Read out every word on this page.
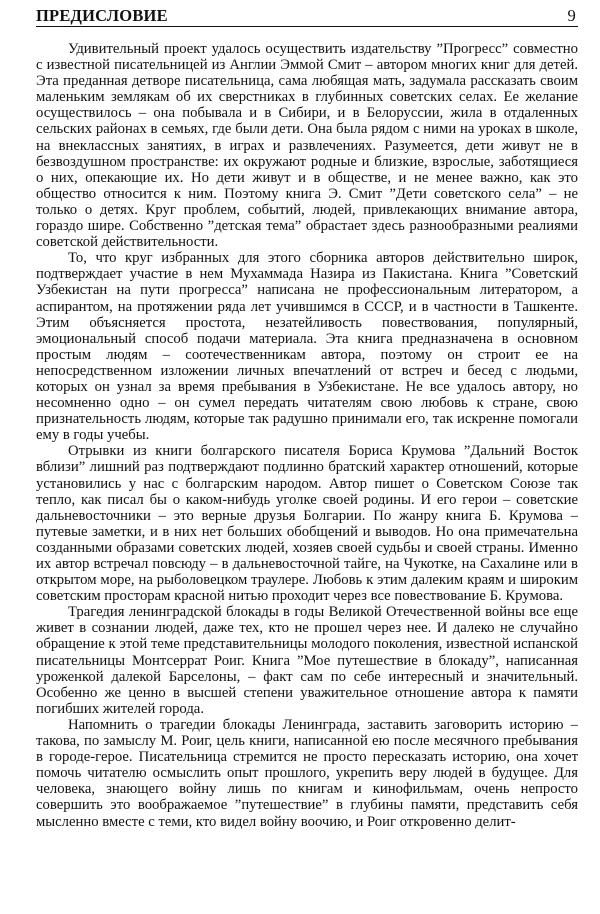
ПРЕДИСЛОВИЕ	9

Удивительный проект удалось осуществить издательству ”Прогресс” совместно с известной писательницей из Англии Эммой Смит – автором многих книг для детей. Эта преданная детворе писательница, сама любящая мать, задумала рассказать своим маленьким землякам об их сверстниках в глубинных советских селах. Ее желание осуществилось – она побывала и в Сибири, и в Белоруссии, жила в отдаленных сельских районах в семьях, где были дети. Она была рядом с ними на уроках в школе, на внеклассных занятиях, в играх и развлечениях. Разумеется, дети живут не в безвоздушном пространстве: их окружают родные и близкие, взрослые, заботящиеся о них, опекающие их. Но дети живут и в обществе, и не менее важно, как это общество относится к ним. Поэтому книга Э. Смит ”Дети советского села” – не только о детях. Круг проблем, событий, людей, привлекающих внимание автора, гораздо шире. Собственно ”детская тема” обрастает здесь разнообразными реалиями советской действительности.

То, что круг избранных для этого сборника авторов действительно широк, подтверждает участие в нем Мухаммада Назира из Пакистана. Книга ”Советский Узбекистан на пути прогресса” написана не профессиональным литератором, а аспирантом, на протяжении ряда лет учившимся в СССР, и в частности в Ташкенте. Этим объясняется простота, незатейливость повествования, популярный, эмоциональный способ подачи материала. Эта книга предназначена в основном простым людям – соотечественникам автора, поэтому он строит ее на непосредственном изложении личных впечатлений от встреч и бесед с людьми, которых он узнал за время пребывания в Узбекистане. Не все удалось автору, но несомненно одно – он сумел передать читателям свою любовь к стране, свою признательность людям, которые так радушно принимали его, так искренне помогали ему в годы учебы.

Отрывки из книги болгарского писателя Бориса Крумова ”Дальний Восток вблизи” лишний раз подтверждают подлинно братский характер отношений, которые установились у нас с болгарским народом. Автор пишет о Советском Союзе так тепло, как писал бы о каком-нибудь уголке своей родины. И его герои – советские дальневосточники – это верные друзья Болгарии. По жанру книга Б. Крумова – путевые заметки, и в них нет больших обобщений и выводов. Но она примечательна созданными образами советских людей, хозяев своей судьбы и своей страны. Именно их автор встречал повсюду – в дальневосточной тайге, на Чукотке, на Сахалине или в открытом море, на рыболовецком траулере. Любовь к этим далеким краям и широким советским просторам красной нитью проходит через все повествование Б. Крумова.

Трагедия ленинградской блокады в годы Великой Отечественной войны все еще живет в сознании людей, даже тех, кто не прошел через нее. И далеко не случайно обращение к этой теме представительницы молодого поколения, известной испанской писательницы Монтсеррат Роиг. Книга ”Мое путешествие в блокаду”, написанная уроженкой далекой Барселоны, – факт сам по себе интересный и значительный. Особенно же ценно в высшей степени уважительное отношение автора к памяти погибших жителей города.

Напомнить о трагедии блокады Ленинграда, заставить заговорить историю – такова, по замыслу М. Роиг, цель книги, написанной ею после месячного пребывания в городе-герое. Писательница стремится не просто пересказать историю, она хочет помочь читателю осмыслить опыт прошлого, укрепить веру людей в будущее. Для человека, знающего войну лишь по книгам и кинофильмам, очень непросто совершить это воображаемое ”путешествие” в глубины памяти, представить себя мысленно вместе с теми, кто видел войну воочию, и Роиг откровенно делит-
